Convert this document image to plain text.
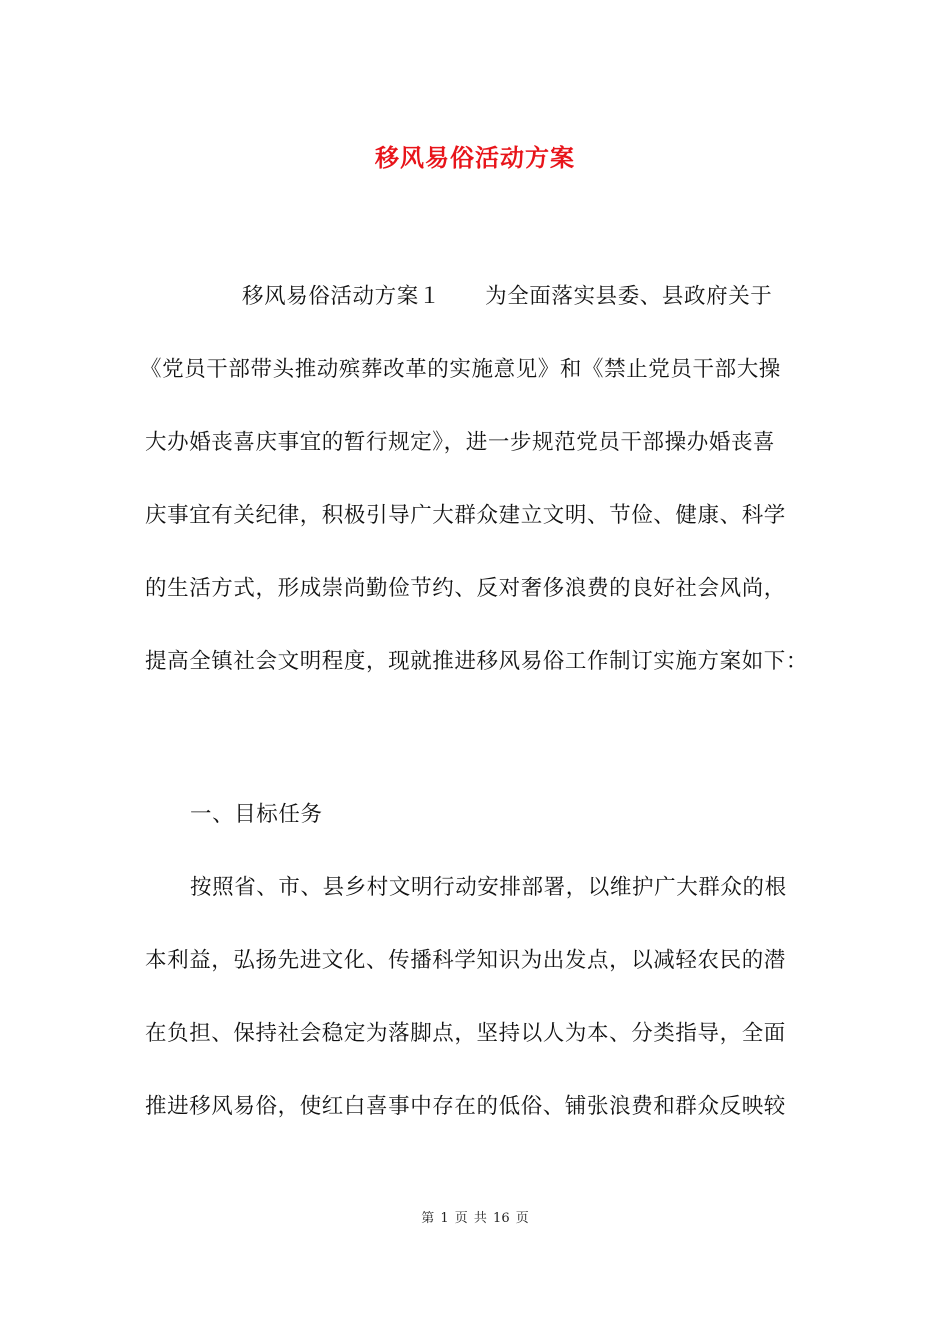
移风易俗活动方案
移风易俗活动方案１　　为全面落实县委、县政府关于
《党员干部带头推动殡葬改革的实施意见》和《禁止党员干部大操
大办婚丧喜庆事宜的暂行规定》，进一步规范党员干部操办婚丧喜
庆事宜有关纪律，积极引导广大群众建立文明、节俭、健康、科学
的生活方式，形成崇尚勤俭节约、反对奢侈浪费的良好社会风尚，
提高全镇社会文明程度，现就推进移风易俗工作制订实施方案如下：
一、目标任务
按照省、市、县乡村文明行动安排部署，以维护广大群众的根
本利益，弘扬先进文化、传播科学知识为出发点，以减轻农民的潜
在负担、保持社会稳定为落脚点，坚持以人为本、分类指导，全面
推进移风易俗，使红白喜事中存在的低俗、铺张浪费和群众反映较
第 1 页 共 16 页
